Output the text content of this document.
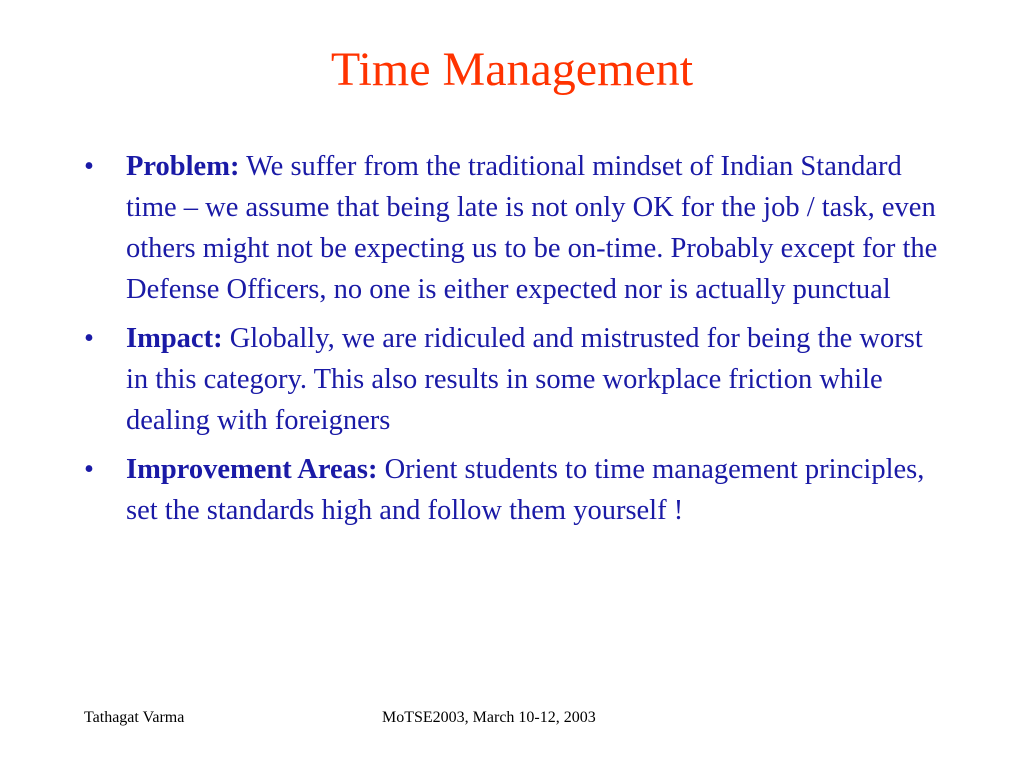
Time Management
•	Problem: We suffer from the traditional mindset of Indian Standard time – we assume that being late is not only OK for the job / task, even others might not be expecting us to be on-time. Probably except for the Defense Officers, no one is either expected nor is actually punctual
•	Impact: Globally, we are ridiculed and mistrusted for being the worst in this category. This also results in some workplace friction while dealing with foreigners
•	Improvement Areas: Orient students to time management principles, set the standards high and follow them yourself !
Tathagat Varma	MoTSE2003, March 10-12, 2003
